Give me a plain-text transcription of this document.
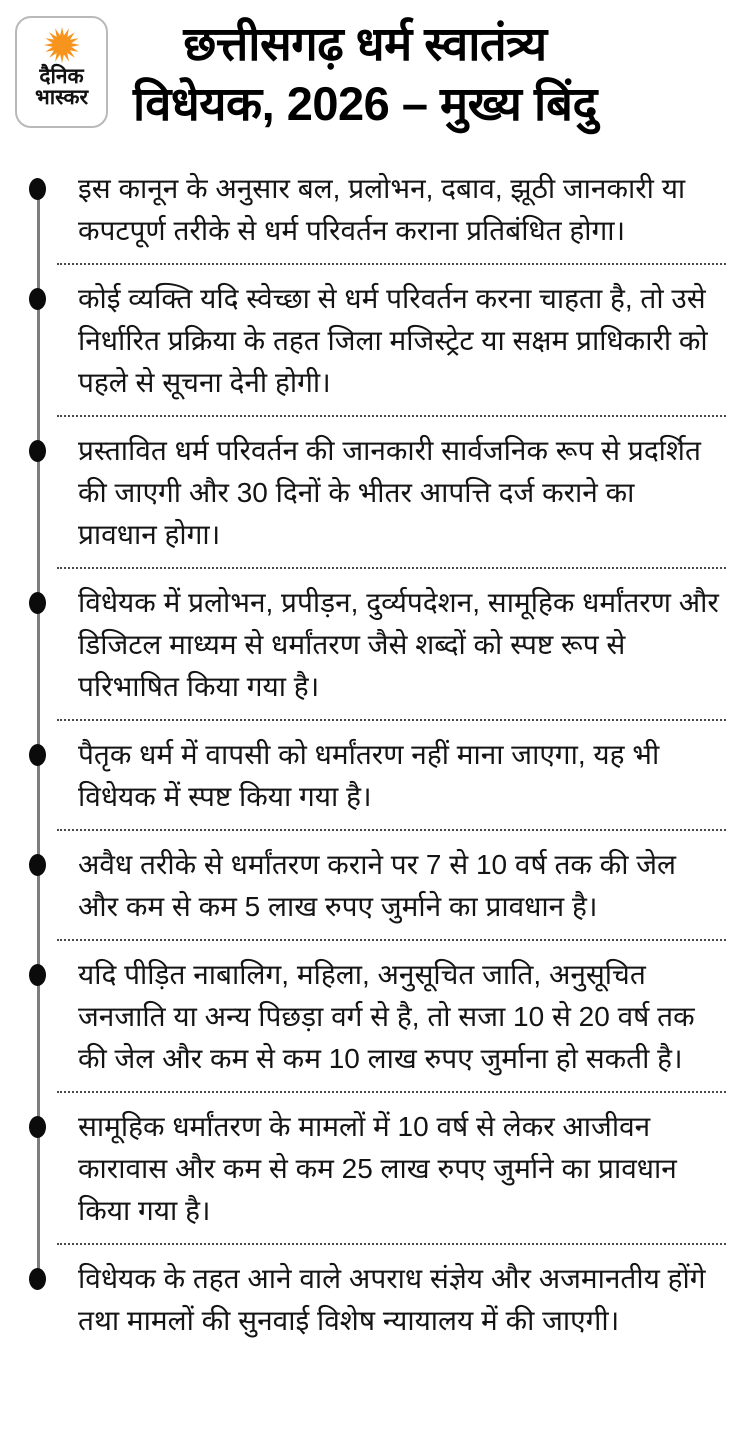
दैनिक
भास्कर
छत्तीसगढ़ धर्म स्वातंत्र्य
विधेयक, 2026 – मुख्य बिंदु

इस कानून के अनुसार बल, प्रलोभन, दबाव, झूठी जानकारी या कपटपूर्ण तरीके से धर्म परिवर्तन कराना प्रतिबंधित होगा।

कोई व्यक्ति यदि स्वेच्छा से धर्म परिवर्तन करना चाहता है, तो उसे निर्धारित प्रक्रिया के तहत जिला मजिस्ट्रेट या सक्षम प्राधिकारी को पहले से सूचना देनी होगी।

प्रस्तावित धर्म परिवर्तन की जानकारी सार्वजनिक रूप से प्रदर्शित की जाएगी और 30 दिनों के भीतर आपत्ति दर्ज कराने का प्रावधान होगा।

विधेयक में प्रलोभन, प्रपीड़न, दुर्व्यपदेशन, सामूहिक धर्मांतरण और डिजिटल माध्यम से धर्मांतरण जैसे शब्दों को स्पष्ट रूप से परिभाषित किया गया है।

पैतृक धर्म में वापसी को धर्मांतरण नहीं माना जाएगा, यह भी विधेयक में स्पष्ट किया गया है।

अवैध तरीके से धर्मांतरण कराने पर 7 से 10 वर्ष तक की जेल और कम से कम 5 लाख रुपए जुर्माने का प्रावधान है।

यदि पीड़ित नाबालिग, महिला, अनुसूचित जाति, अनुसूचित जनजाति या अन्य पिछड़ा वर्ग से है, तो सजा 10 से 20 वर्ष तक की जेल और कम से कम 10 लाख रुपए जुर्माना हो सकती है।

सामूहिक धर्मांतरण के मामलों में 10 वर्ष से लेकर आजीवन कारावास और कम से कम 25 लाख रुपए जुर्माने का प्रावधान किया गया है।

विधेयक के तहत आने वाले अपराध संज्ञेय और अजमानतीय होंगे तथा मामलों की सुनवाई विशेष न्यायालय में की जाएगी।
